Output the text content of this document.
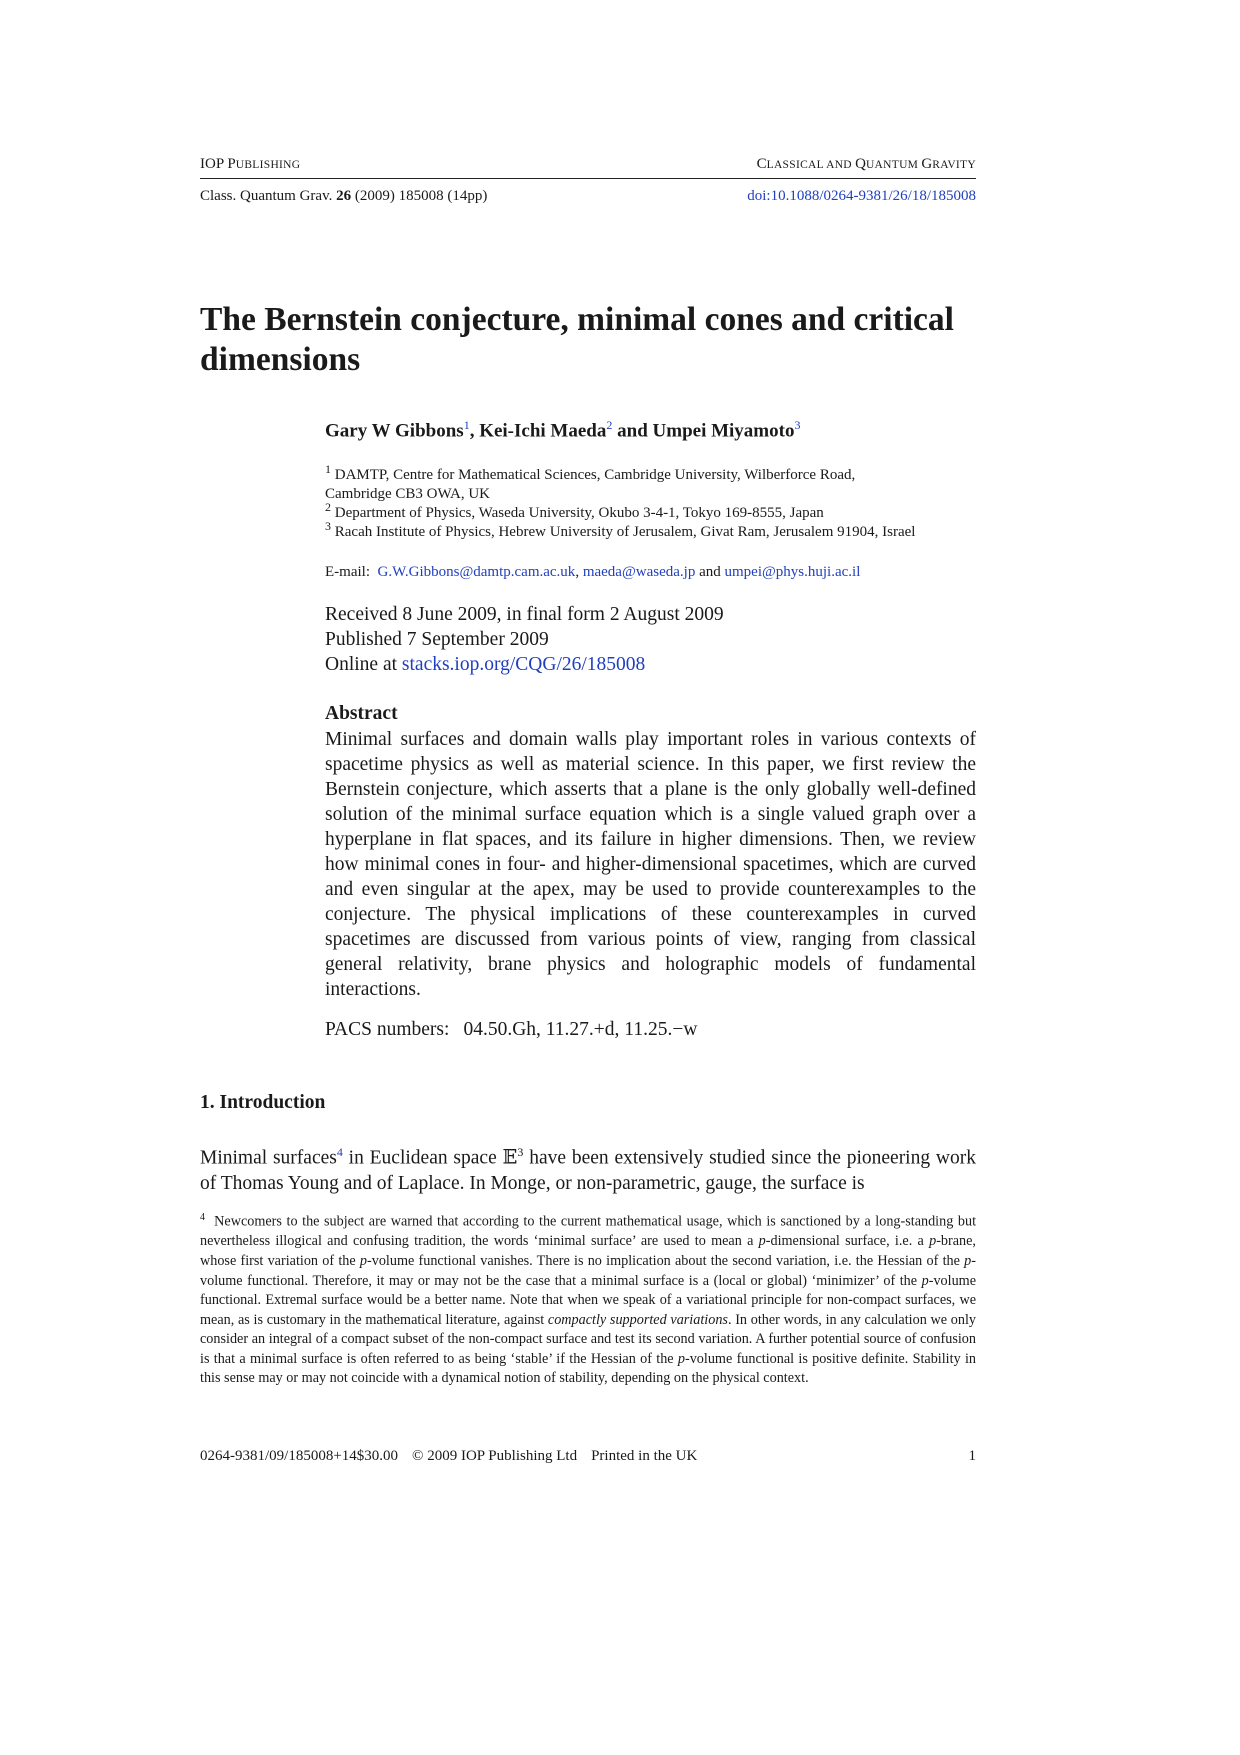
IOP PUBLISHING	CLASSICAL AND QUANTUM GRAVITY
Class. Quantum Grav. 26 (2009) 185008 (14pp)	doi:10.1088/0264-9381/26/18/185008
The Bernstein conjecture, minimal cones and critical dimensions
Gary W Gibbons$^1$, Kei-Ichi Maeda$^2$ and Umpei Miyamoto$^3$
$^1$ DAMTP, Centre for Mathematical Sciences, Cambridge University, Wilberforce Road,
Cambridge CB3 OWA, UK
$^2$ Department of Physics, Waseda University, Okubo 3-4-1, Tokyo 169-8555, Japan
$^3$ Racah Institute of Physics, Hebrew University of Jerusalem, Givat Ram, Jerusalem 91904, Israel
E-mail: G.W.Gibbons@damtp.cam.ac.uk, maeda@waseda.jp and umpei@phys.huji.ac.il
Received 8 June 2009, in final form 2 August 2009
Published 7 September 2009
Online at stacks.iop.org/CQG/26/185008
Abstract

Minimal surfaces and domain walls play important roles in various contexts of spacetime physics as well as material science. In this paper, we first review the Bernstein conjecture, which asserts that a plane is the only globally well-defined solution of the minimal surface equation which is a single valued graph over a hyperplane in flat spaces, and its failure in higher dimensions. Then, we review how minimal cones in four- and higher-dimensional spacetimes, which are curved and even singular at the apex, may be used to provide counterexamples to the conjecture. The physical implications of these counterexamples in curved spacetimes are discussed from various points of view, ranging from classical general relativity, brane physics and holographic models of fundamental interactions.

PACS numbers: 04.50.Gh, 11.27.+d, 11.25.−w
1. Introduction

Minimal surfaces$^4$ in Euclidean space 𝔼$^3$ have been extensively studied since the pioneering work of Thomas Young and of Laplace. In Monge, or non-parametric, gauge, the surface is

$^4$ Newcomers to the subject are warned that according to the current mathematical usage, which is sanctioned by a long-standing but nevertheless illogical and confusing tradition, the words ‘minimal surface’ are used to mean a p-dimensional surface, i.e. a p-brane, whose first variation of the p-volume functional vanishes. There is no implication about the second variation, i.e. the Hessian of the p-volume functional. Therefore, it may or may not be the case that a minimal surface is a (local or global) ‘minimizer’ of the p-volume functional. Extremal surface would be a better name. Note that when we speak of a variational principle for non-compact surfaces, we mean, as is customary in the mathematical literature, against compactly supported variations. In other words, in any calculation we only consider an integral of a compact subset of the non-compact surface and test its second variation. A further potential source of confusion is that a minimal surface is often referred to as being ‘stable’ if the Hessian of the p-volume functional is positive definite. Stability in this sense may or may not coincide with a dynamical notion of stability, depending on the physical context.

0264-9381/09/185008+14$30.00 © 2009 IOP Publishing Ltd Printed in the UK	1
